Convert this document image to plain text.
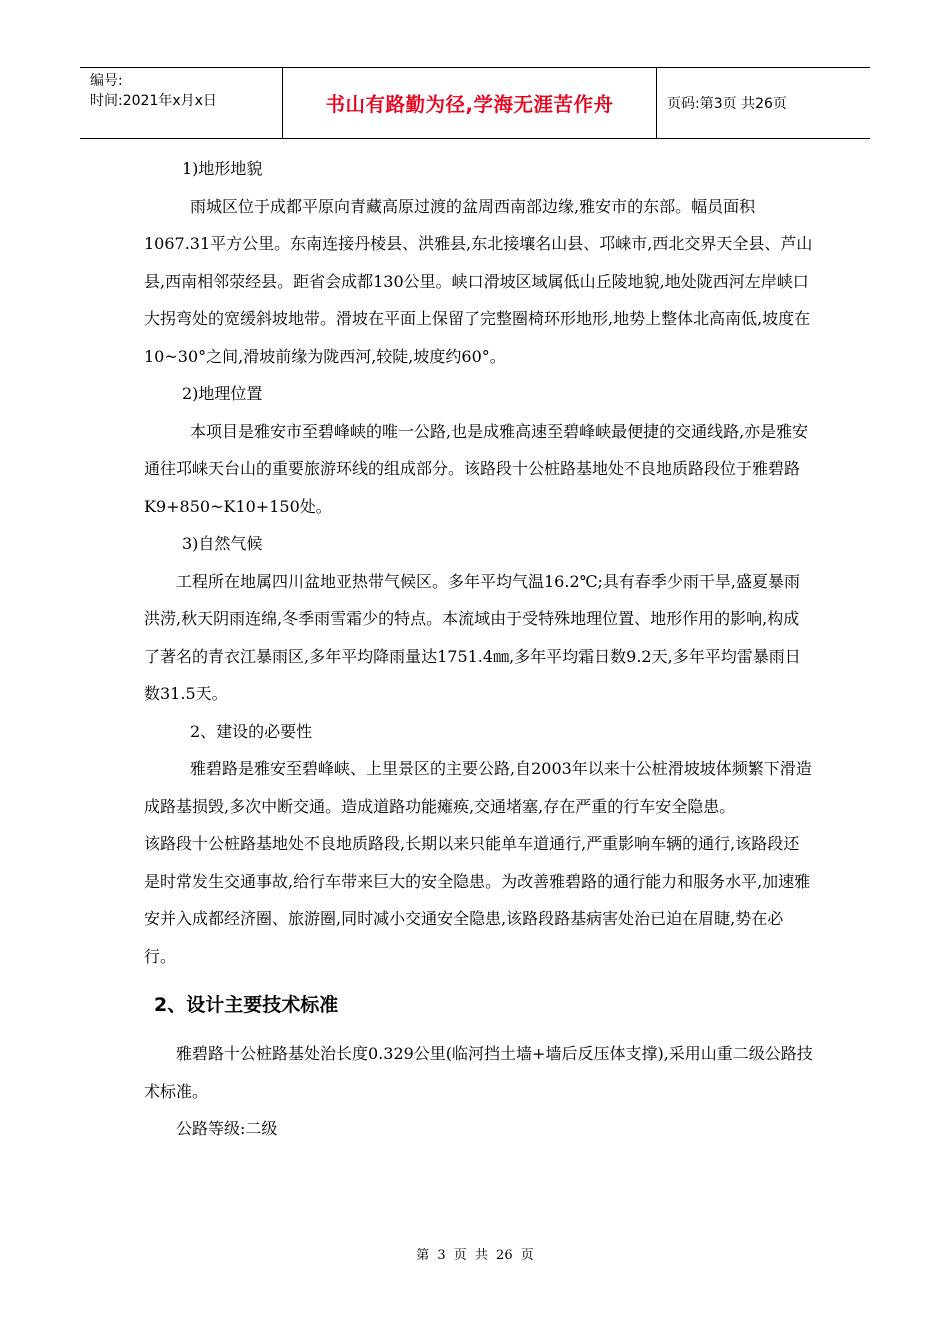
编号:
时间:2021年x月x日	书山有路勤为径,学海无涯苦作舟	页码:第3页 共26页

1)地形地貌

雨城区位于成都平原向青藏高原过渡的盆周西南部边缘,雅安市的东部。幅员面积1067.31平方公里。东南连接丹棱县、洪雅县,东北接壤名山县、邛崃市,西北交界天全县、芦山县,西南相邻荥经县。距省会成都130公里。峡口滑坡区域属低山丘陵地貌,地处陇西河左岸峡口大拐弯处的宽缓斜坡地带。滑坡在平面上保留了完整圈椅环形地形,地势上整体北高南低,坡度在10~30°之间,滑坡前缘为陇西河,较陡,坡度约60°。

2)地理位置

本项目是雅安市至碧峰峡的唯一公路,也是成雅高速至碧峰峡最便捷的交通线路,亦是雅安通往邛崃天台山的重要旅游环线的组成部分。该路段十公桩路基地处不良地质路段位于雅碧路K9+850~K10+150处。

3)自然气候

工程所在地属四川盆地亚热带气候区。多年平均气温16.2℃;具有春季少雨干旱,盛夏暴雨洪涝,秋天阴雨连绵,冬季雨雪霜少的特点。本流域由于受特殊地理位置、地形作用的影响,构成了著名的青衣江暴雨区,多年平均降雨量达1751.4㎜,多年平均霜日数9.2天,多年平均雷暴雨日数31.5天。

2、建设的必要性

雅碧路是雅安至碧峰峡、上里景区的主要公路,自2003年以来十公桩滑坡坡体频繁下滑造成路基损毁,多次中断交通。造成道路功能瘫痪,交通堵塞,存在严重的行车安全隐患。

该路段十公桩路基地处不良地质路段,长期以来只能单车道通行,严重影响车辆的通行,该路段还是时常发生交通事故,给行车带来巨大的安全隐患。为改善雅碧路的通行能力和服务水平,加速雅安并入成都经济圈、旅游圈,同时减小交通安全隐患,该路段路基病害处治已迫在眉睫,势在必行。

2、设计主要技术标准

雅碧路十公桩路基处治长度0.329公里(临河挡土墙+墙后反压体支撑),采用山重二级公路技术标准。

公路等级:二级

第 3 页 共 26 页
